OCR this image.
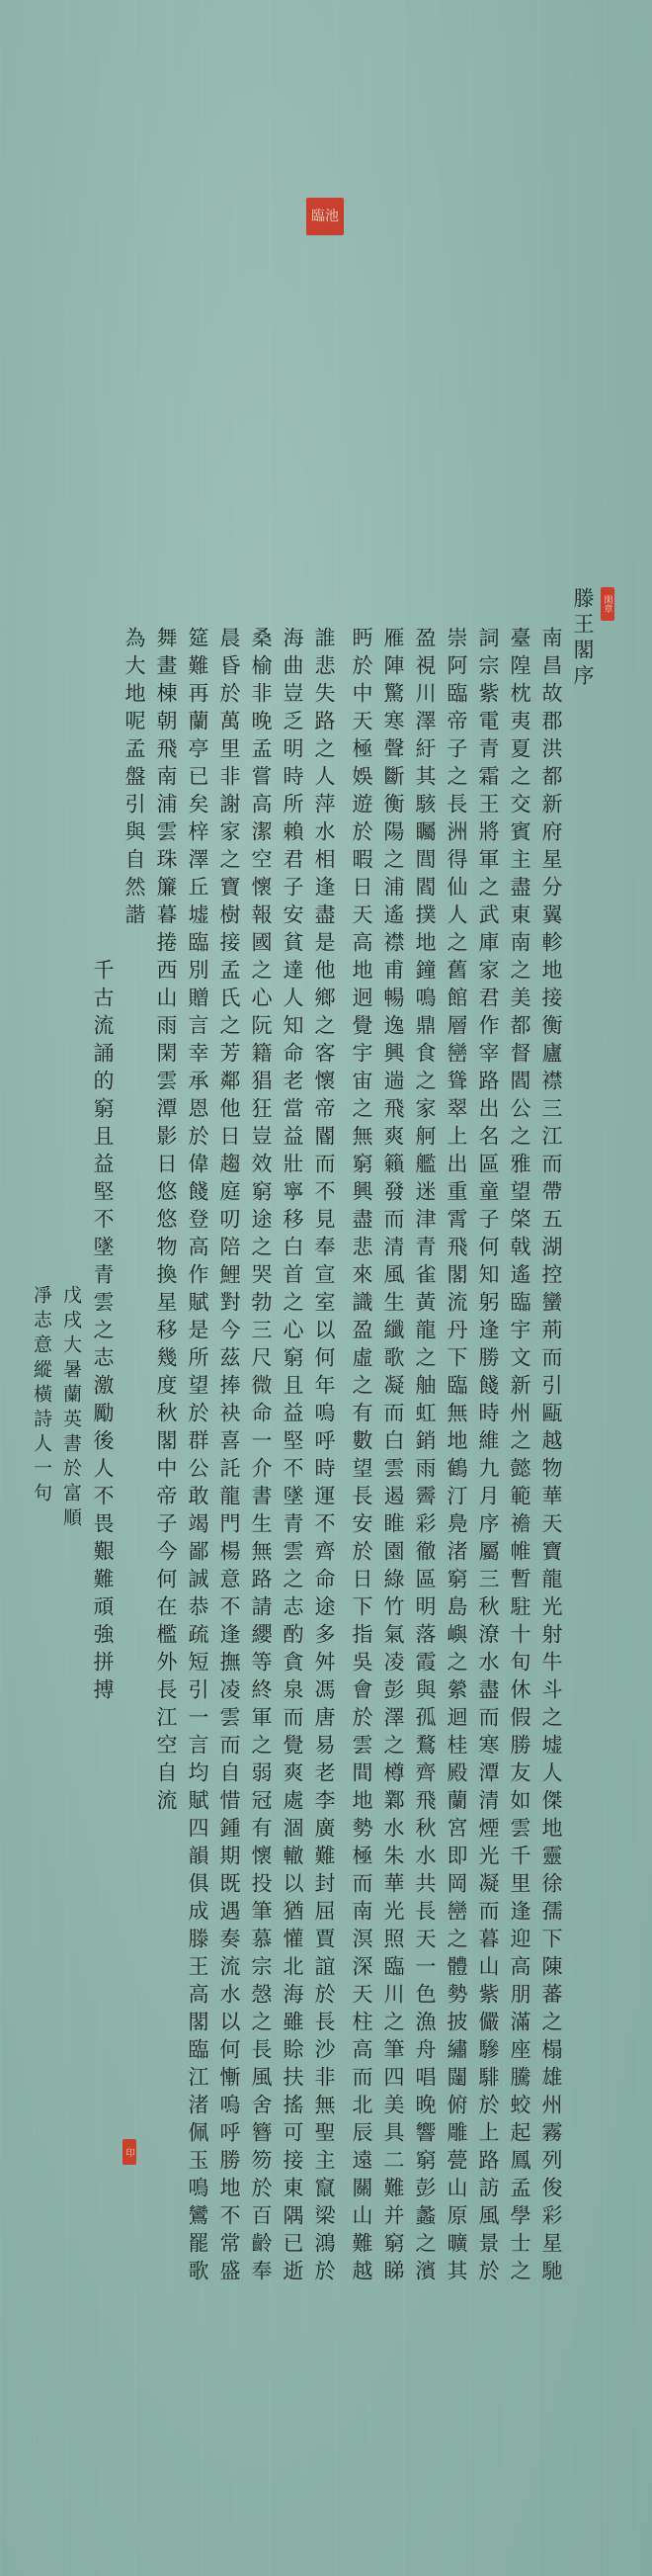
臨池
閑章
印
滕王閣序
南昌故郡洪都新府星分翼軫地接衡廬襟三江而帶五湖控蠻荊而引甌越物華天寶龍光射牛斗之墟人傑地靈徐孺下陳蕃之榻雄州霧列俊彩星馳
臺隍枕夷夏之交賓主盡東南之美都督閻公之雅望棨戟遙臨宇文新州之懿範襜帷暫駐十旬休假勝友如雲千里逢迎高朋滿座騰蛟起鳳孟學士之
詞宗紫電青霜王將軍之武庫家君作宰路出名區童子何知躬逢勝餞時維九月序屬三秋潦水盡而寒潭清煙光凝而暮山紫儼驂騑於上路訪風景於
崇阿臨帝子之長洲得仙人之舊館層巒聳翠上出重霄飛閣流丹下臨無地鶴汀鳧渚窮島嶼之縈迴桂殿蘭宮即岡巒之體勢披繡闥俯雕甍山原曠其
盈視川澤紆其駭矚閭閻撲地鐘鳴鼎食之家舸艦迷津青雀黃龍之舳虹銷雨霽彩徹區明落霞與孤鶩齊飛秋水共長天一色漁舟唱晚響窮彭蠡之濱
雁陣驚寒聲斷衡陽之浦遙襟甫暢逸興遄飛爽籟發而清風生纖歌凝而白雲遏睢園綠竹氣凌彭澤之樽鄴水朱華光照臨川之筆四美具二難并窮睇
眄於中天極娛遊於暇日天高地迥覺宇宙之無窮興盡悲來識盈虛之有數望長安於日下指吳會於雲間地勢極而南溟深天柱高而北辰遠關山難越
誰悲失路之人萍水相逢盡是他鄉之客懷帝閽而不見奉宣室以何年嗚呼時運不齊命途多舛馮唐易老李廣難封屈賈誼於長沙非無聖主竄梁鴻於
海曲豈乏明時所賴君子安貧達人知命老當益壯寧移白首之心窮且益堅不墜青雲之志酌貪泉而覺爽處涸轍以猶懽北海雖賒扶搖可接東隅已逝
桑榆非晚孟嘗高潔空懷報國之心阮籍猖狂豈效窮途之哭勃三尺微命一介書生無路請纓等終軍之弱冠有懷投筆慕宗愨之長風舍簪笏於百齡奉
晨昏於萬里非謝家之寶樹接孟氏之芳鄰他日趨庭叨陪鯉對今茲捧袂喜託龍門楊意不逢撫凌雲而自惜鍾期既遇奏流水以何慚嗚呼勝地不常盛
筵難再蘭亭已矣梓澤丘墟臨別贈言幸承恩於偉餞登高作賦是所望於群公敢竭鄙誠恭疏短引一言均賦四韻俱成滕王高閣臨江渚佩玉鳴鸞罷歌
舞畫棟朝飛南浦雲珠簾暮捲西山雨閑雲潭影日悠悠物換星移幾度秋閣中帝子今何在檻外長江空自流
為大地呢孟盤引與自然諧
千古流誦的窮且益堅不墜青雲之志激勵後人不畏艱難頑強拼搏
戊戌大暑蘭英書於富順
凈志意縱橫詩人一句
